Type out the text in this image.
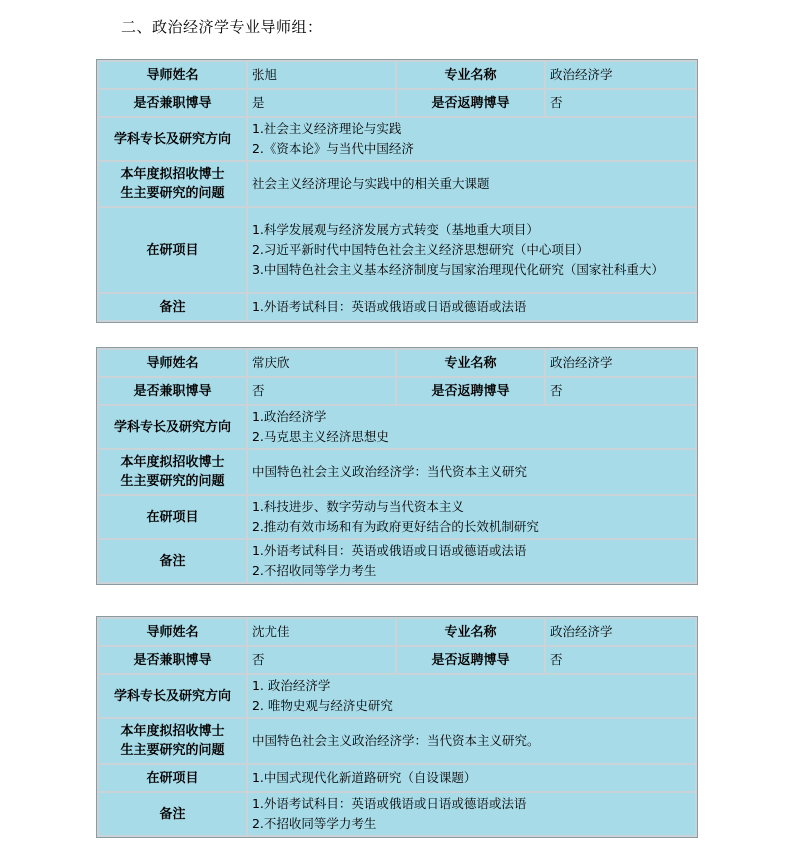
二、政治经济学专业导师组：
导师姓名	张旭	专业名称	政治经济学
是否兼职博导	是	是否返聘博导	否
学科专长及研究方向	1.社会主义经济理论与实践
2.《资本论》与当代中国经济		

本年度拟招收博士
生主要研究的问题	社会主义经济理论与实践中的相关重大课题		
在研项目	1.科学发展观与经济发展方式转变（基地重大项目）
2.习近平新时代中国特色社会主义经济思想研究（中心项目）
3.中国特色社会主义基本经济制度与国家治理现代化研究（国家社科重大）		

备注	1.外语考试科目：英语或俄语或日语或德语或法语		
导师姓名	常庆欣	专业名称	政治经济学
是否兼职博导	否	是否返聘博导	否
学科专长及研究方向	1.政治经济学
2.马克思主义经济思想史		

本年度拟招收博士
生主要研究的问题	中国特色社会主义政治经济学：当代资本主义研究		
在研项目	1.科技进步、数字劳动与当代资本主义
2.推动有效市场和有为政府更好结合的长效机制研究		

备注	1.外语考试科目：英语或俄语或日语或德语或法语
2.不招收同等学力考生		
导师姓名	沈尤佳	专业名称	政治经济学
是否兼职博导	否	是否返聘博导	否
学科专长及研究方向	1. 政治经济学
2. 唯物史观与经济史研究		

本年度拟招收博士
生主要研究的问题	中国特色社会主义政治经济学：当代资本主义研究。		
在研项目	1.中国式现代化新道路研究（自设课题）		

备注	1.外语考试科目：英语或俄语或日语或德语或法语
2.不招收同等学力考生		
